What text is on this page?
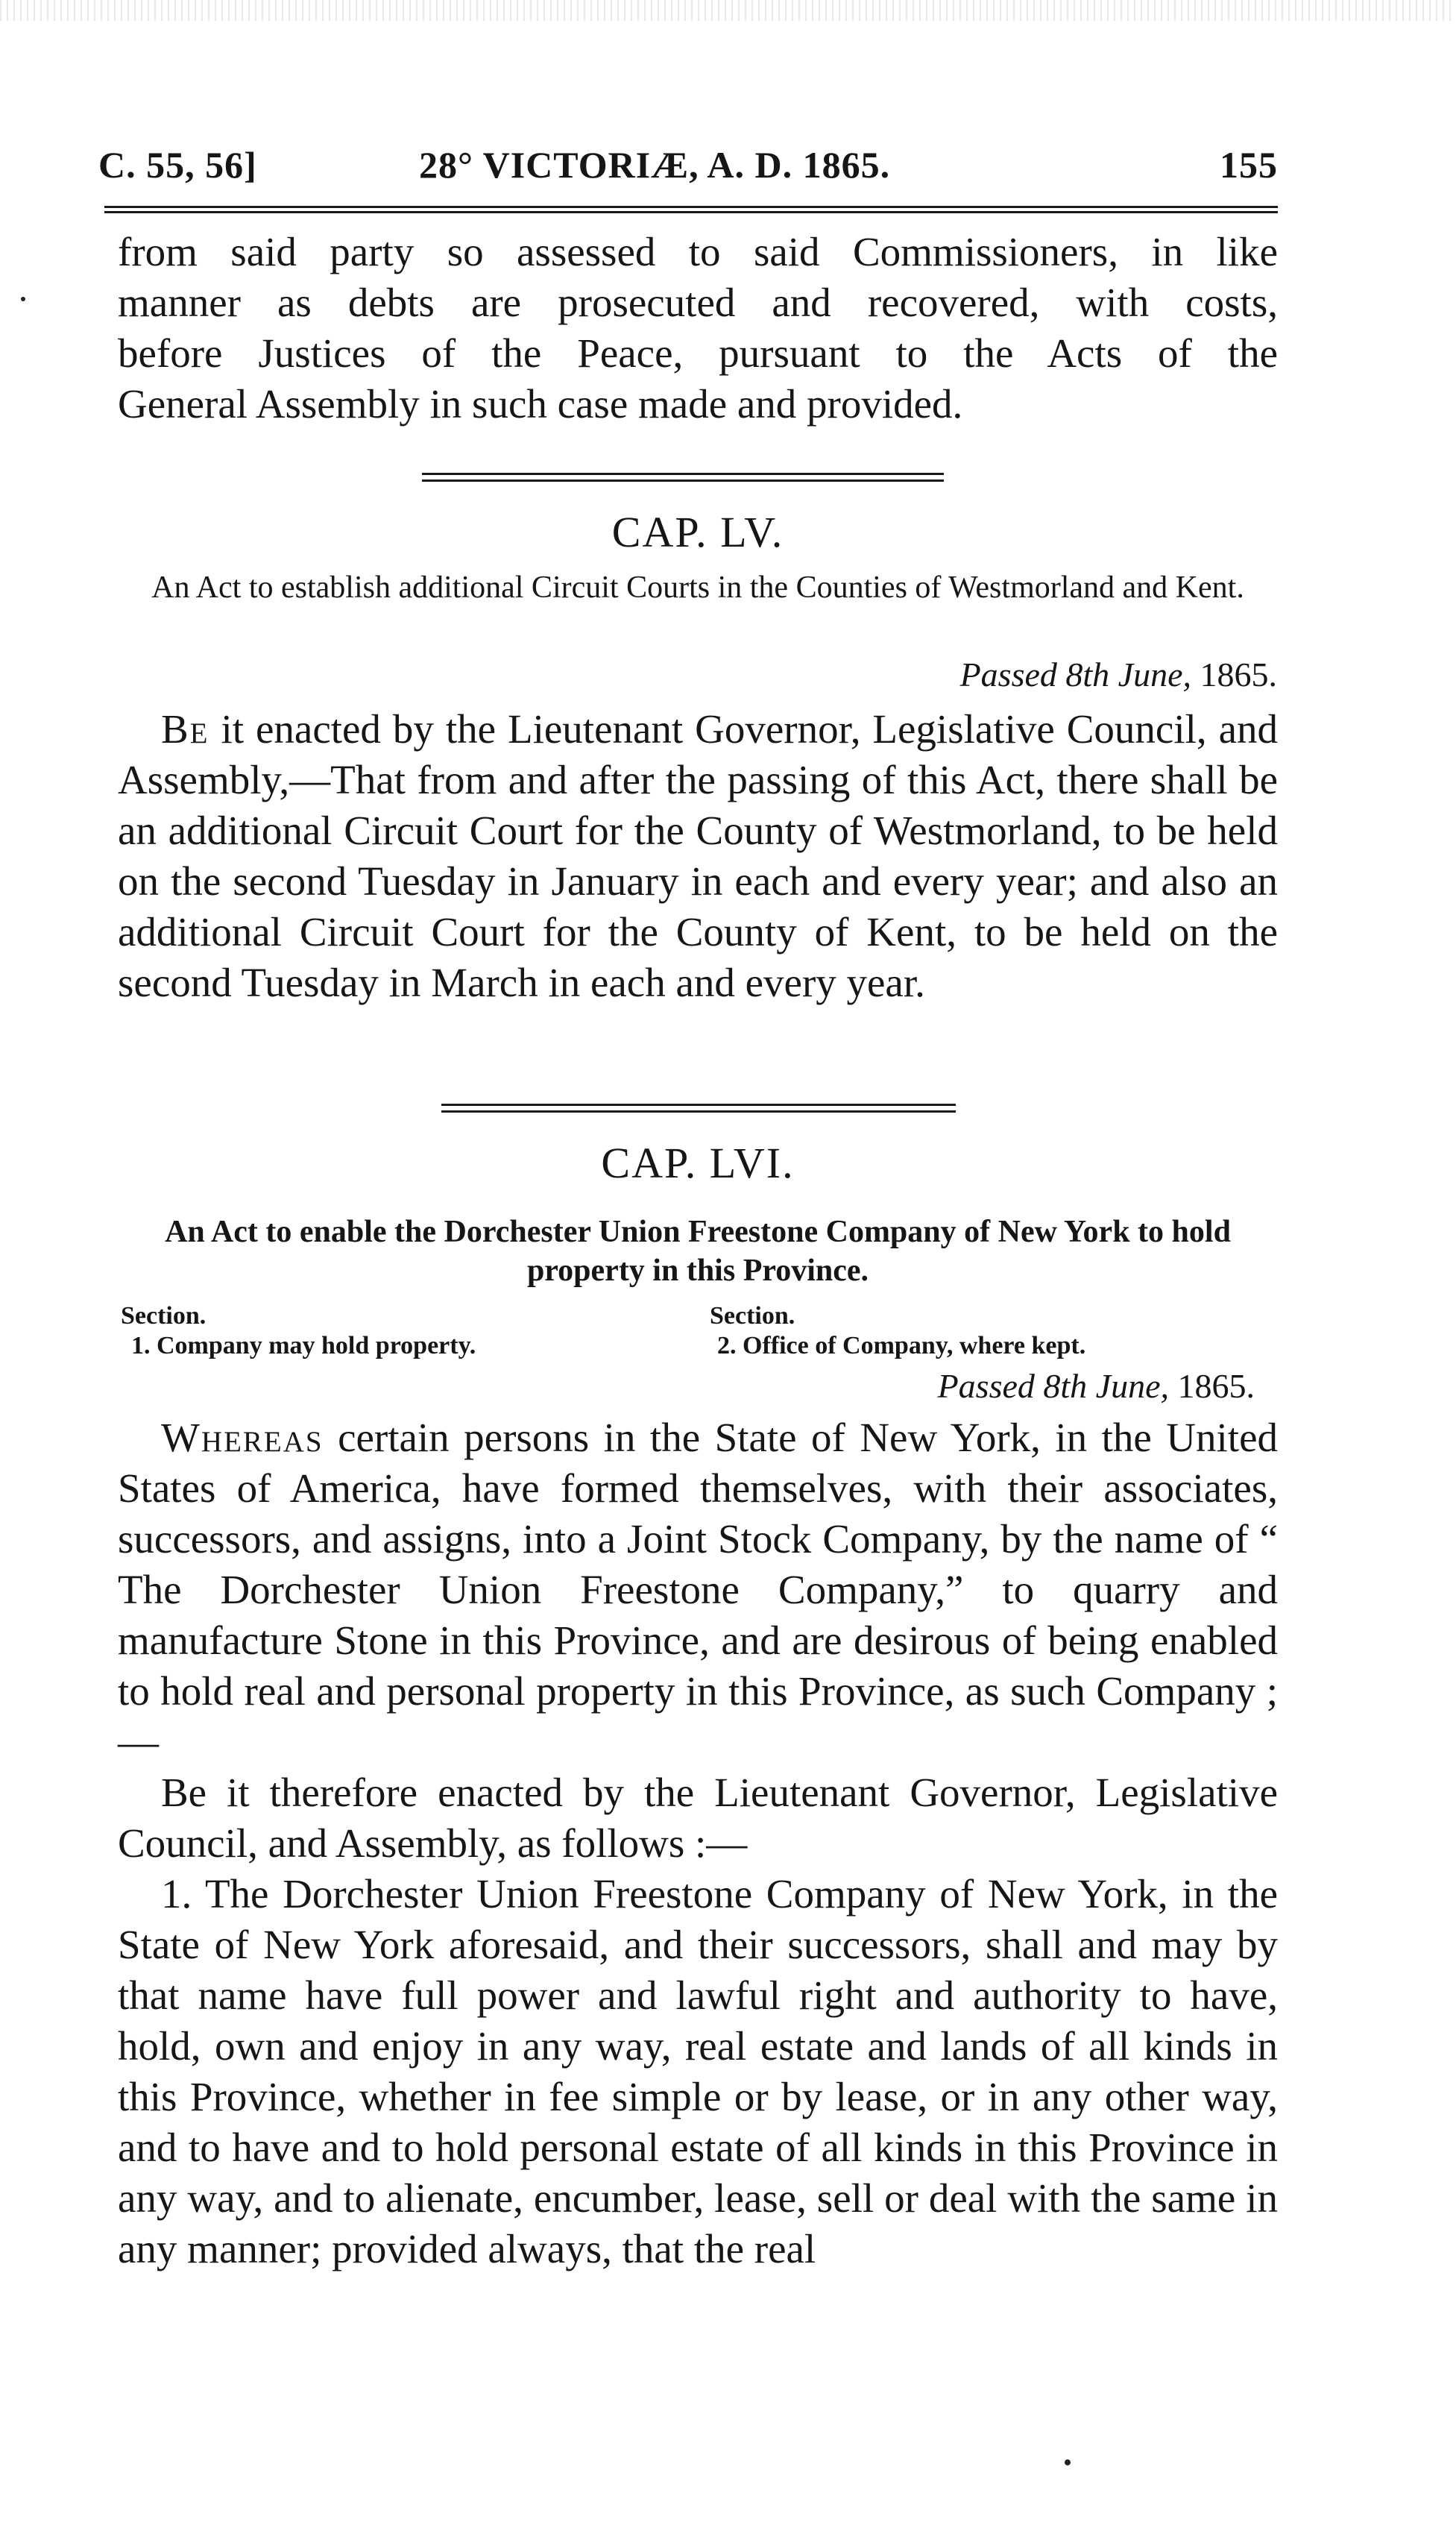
C. 55, 56]	28° VICTORIÆ, A. D. 1865.	155

from said party so assessed to said Commissioners, in like

manner as debts are prosecuted and recovered, with costs,

before Justices of the Peace, pursuant to the Acts of the

General Assembly in such case made and provided.

CAP. LV.
An Act to establish additional Circuit Courts in the Counties of Westmorland and Kent.
Passed 8th June, 1865.

Be it enacted by the Lieutenant Governor, Legislative Council, and Assembly,—That from and after the passing of this Act, there shall be an additional Circuit Court for the County of Westmorland, to be held on the second Tuesday in January in each and every year; and also an additional Circuit Court for the County of Kent, to be held on the second Tuesday in March in each and every year.

CAP. LVI.
An Act to enable the Dorchester Union Freestone Company of New York to hold property in this Province.
Section.
1. Company may hold property.
Section.
2. Office of Company, where kept.
Passed 8th June, 1865.

Whereas certain persons in the State of New York, in the United States of America, have formed themselves, with their associates, successors, and assigns, into a Joint Stock Company, by the name of “ The Dorchester Union Freestone Company,” to quarry and manufacture Stone in this Province, and are desirous of being enabled to hold real and personal property in this Province, as such Company ;—

Be it therefore enacted by the Lieutenant Governor, Legislative Council, and Assembly, as follows :—

1. The Dorchester Union Freestone Company of New York, in the State of New York aforesaid, and their successors, shall and may by that name have full power and lawful right and authority to have, hold, own and enjoy in any way, real estate and lands of all kinds in this Province, whether in fee simple or by lease, or in any other way, and to have and to hold personal estate of all kinds in this Province in any way, and to alienate, encumber, lease, sell or deal with the same in any manner; provided always, that the real
